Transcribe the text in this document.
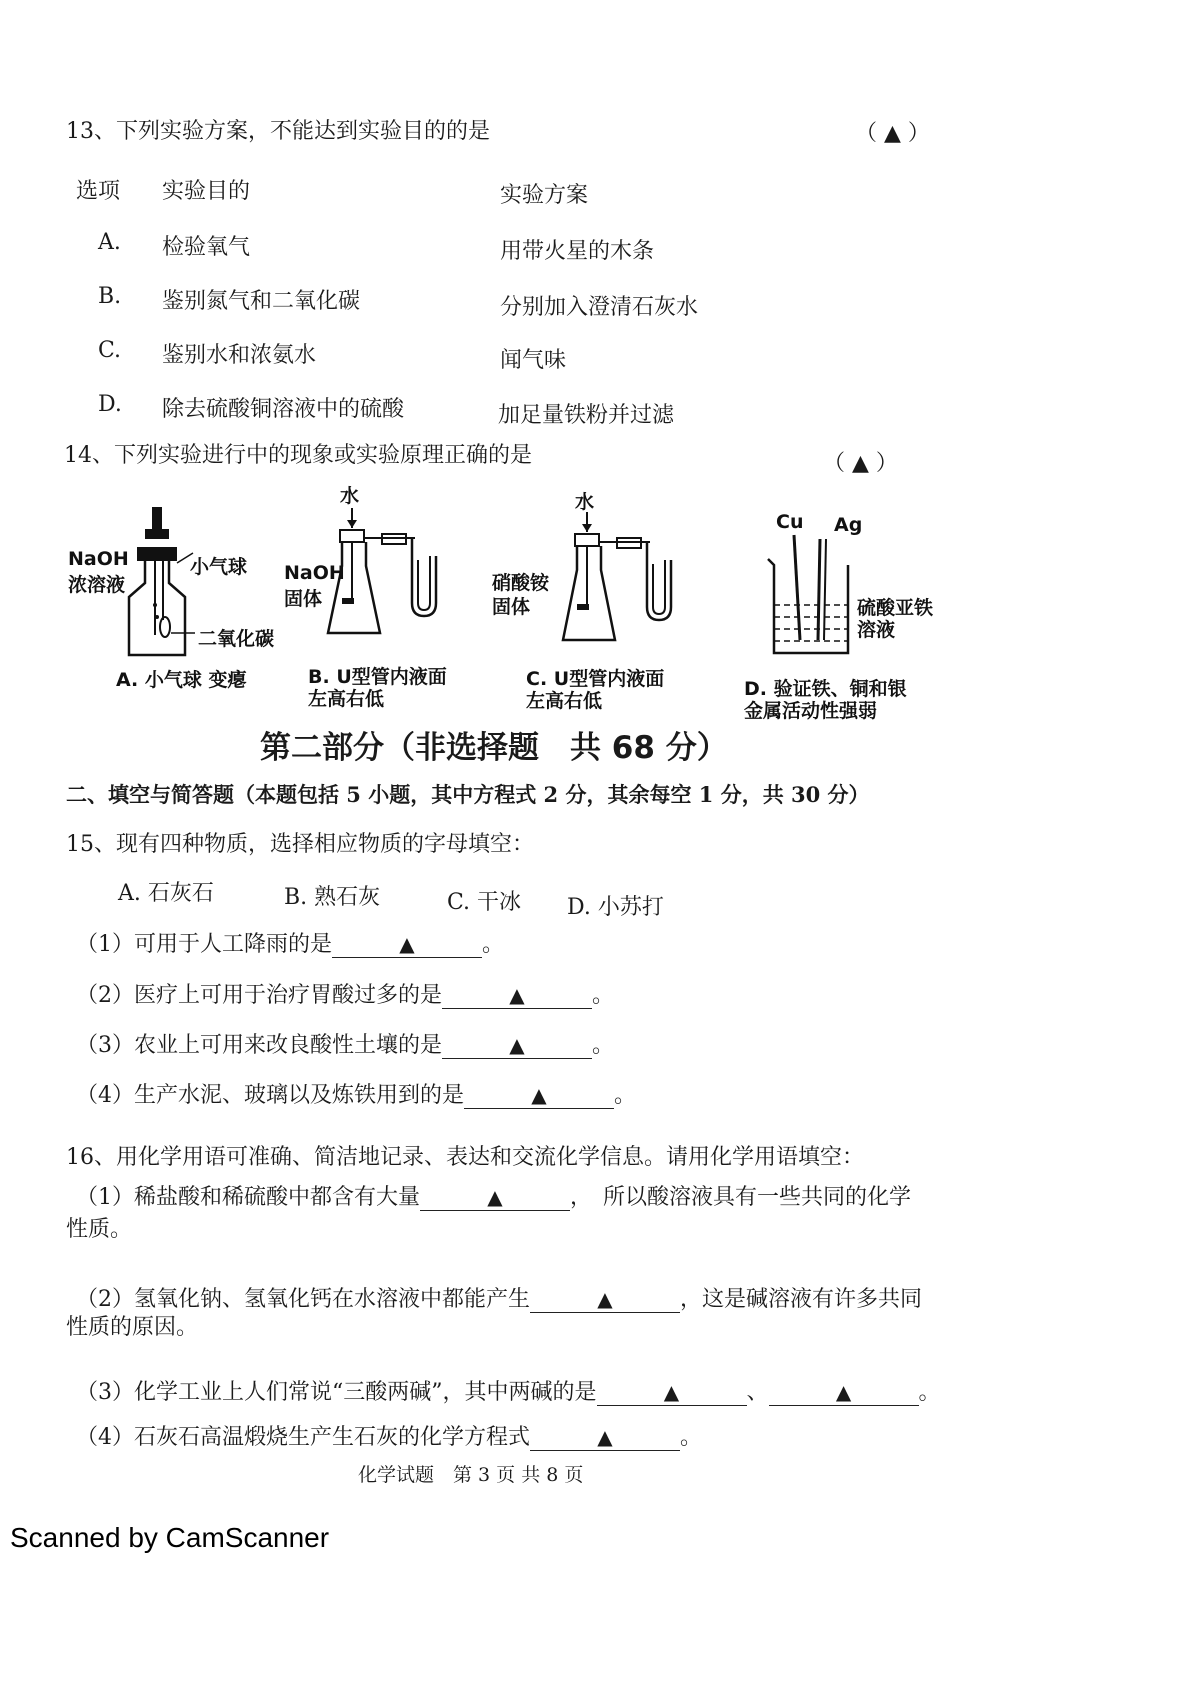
13、下列实验方案，不能达到实验目的的是	（ ▲ ）
选项 实验目的	实验方案
A. 检验氧气	用带火星的木条
B. 鉴别氮气和二氧化碳	分别加入澄清石灰水
C. 鉴别水和浓氨水	闻气味
D. 除去硫酸铜溶液中的硫酸	加足量铁粉并过滤
14、下列实验进行中的现象或实验原理正确的是	（ ▲ ）
NaOH
浓溶液
小气球
二氧化碳
A. 小气球 变瘪
水
NaOH
固体
B. U型管内液面
左高右低
水
硝酸铵
固体
C. U型管内液面
左高右低
Cu Ag
硫酸亚铁
溶液
D. 验证铁、铜和银
金属活动性强弱
第二部分（非选择题　共 68 分）
二、填空与简答题（本题包括 5 小题，其中方程式 2 分，其余每空 1 分，共 30 分）
15、现有四种物质，选择相应物质的字母填空：
A. 石灰石	B. 熟石灰	C. 干冰 D. 小苏打
（1）可用于人工降雨的是	▲	。
（2）医疗上可用于治疗胃酸过多的是	▲	。
（3）农业上可用来改良酸性土壤的是	▲	。
（4）生产水泥、玻璃以及炼铁用到的是	▲	。
16、用化学用语可准确、简洁地记录、表达和交流化学信息。请用化学用语填空：
（1）稀盐酸和稀硫酸中都含有大量	▲	，　所以酸溶液具有一些共同的化学
性质。
（2）氢氧化钠、氢氧化钙在水溶液中都能产生	▲	，这是碱溶液有许多共同
性质的原因。
（3）化学工业上人们常说“三酸两碱”，其中两碱的是	▲	、	▲	。
（4）石灰石高温煅烧生产生石灰的化学方程式	▲	。
化学试题　第 3 页 共 8 页
Scanned by CamScanner
